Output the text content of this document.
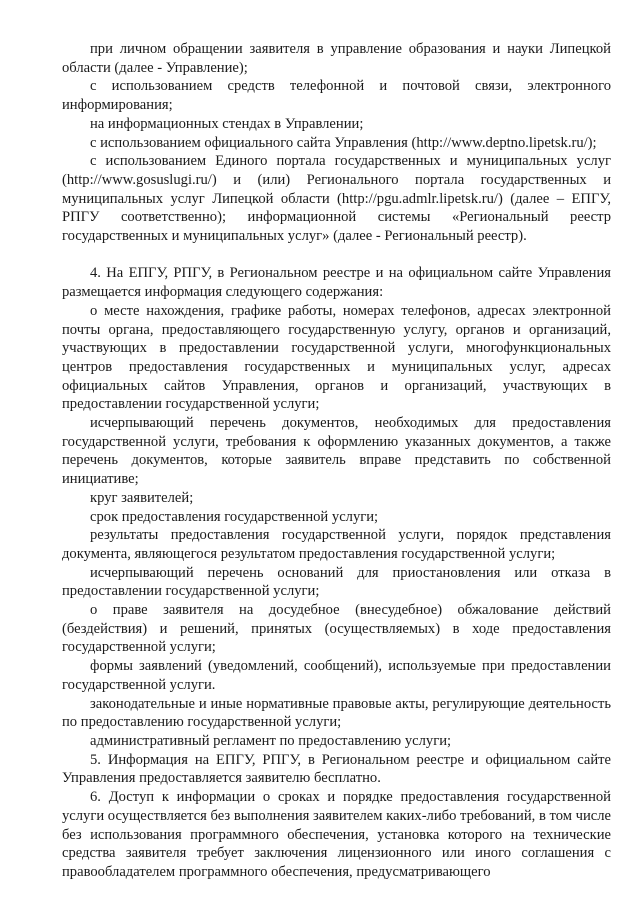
при личном обращении заявителя в управление образования и науки Липецкой области (далее - Управление);

с использованием средств телефонной и почтовой связи, электронного информирования;

на информационных стендах в Управлении;

с использованием официального сайта Управления (http://www.deptno.lipetsk.ru/);

с использованием Единого портала государственных и муниципальных услуг (http://www.gosuslugi.ru/) и (или) Регионального портала государственных и муниципальных услуг Липецкой области (http://pgu.admlr.lipetsk.ru/) (далее – ЕПГУ, РПГУ соответственно); информационной системы «Региональный реестр государственных и муниципальных услуг» (далее - Региональный реестр).

4. На ЕПГУ, РПГУ, в Региональном реестре и на официальном сайте Управления размещается информация следующего содержания:

о месте нахождения, графике работы, номерах телефонов, адресах электронной почты органа, предоставляющего государственную услугу, органов и организаций, участвующих в предоставлении государственной услуги, многофункциональных центров предоставления государственных и муниципальных услуг, адресах официальных сайтов Управления, органов и организаций, участвующих в предоставлении государственной услуги;

исчерпывающий перечень документов, необходимых для предоставления государственной услуги, требования к оформлению указанных документов, а также перечень документов, которые заявитель вправе представить по собственной инициативе;

круг заявителей;

срок предоставления государственной услуги;

результаты предоставления государственной услуги, порядок представления документа, являющегося результатом предоставления государственной услуги;

исчерпывающий перечень оснований для приостановления или отказа в предоставлении государственной услуги;

о праве заявителя на досудебное (внесудебное) обжалование действий (бездействия) и решений, принятых (осуществляемых) в ходе предоставления государственной услуги;

формы заявлений (уведомлений, сообщений), используемые при предоставлении государственной услуги.

законодательные и иные нормативные правовые акты, регулирующие деятельность по предоставлению государственной услуги;

административный регламент по предоставлению услуги;

5. Информация на ЕПГУ, РПГУ, в Региональном реестре и официальном сайте Управления предоставляется заявителю бесплатно.

6. Доступ к информации о сроках и порядке предоставления государственной услуги осуществляется без выполнения заявителем каких-либо требований, в том числе без использования программного обеспечения, установка которого на технические средства заявителя требует заключения лицензионного или иного соглашения с правообладателем программного обеспечения, предусматривающего
